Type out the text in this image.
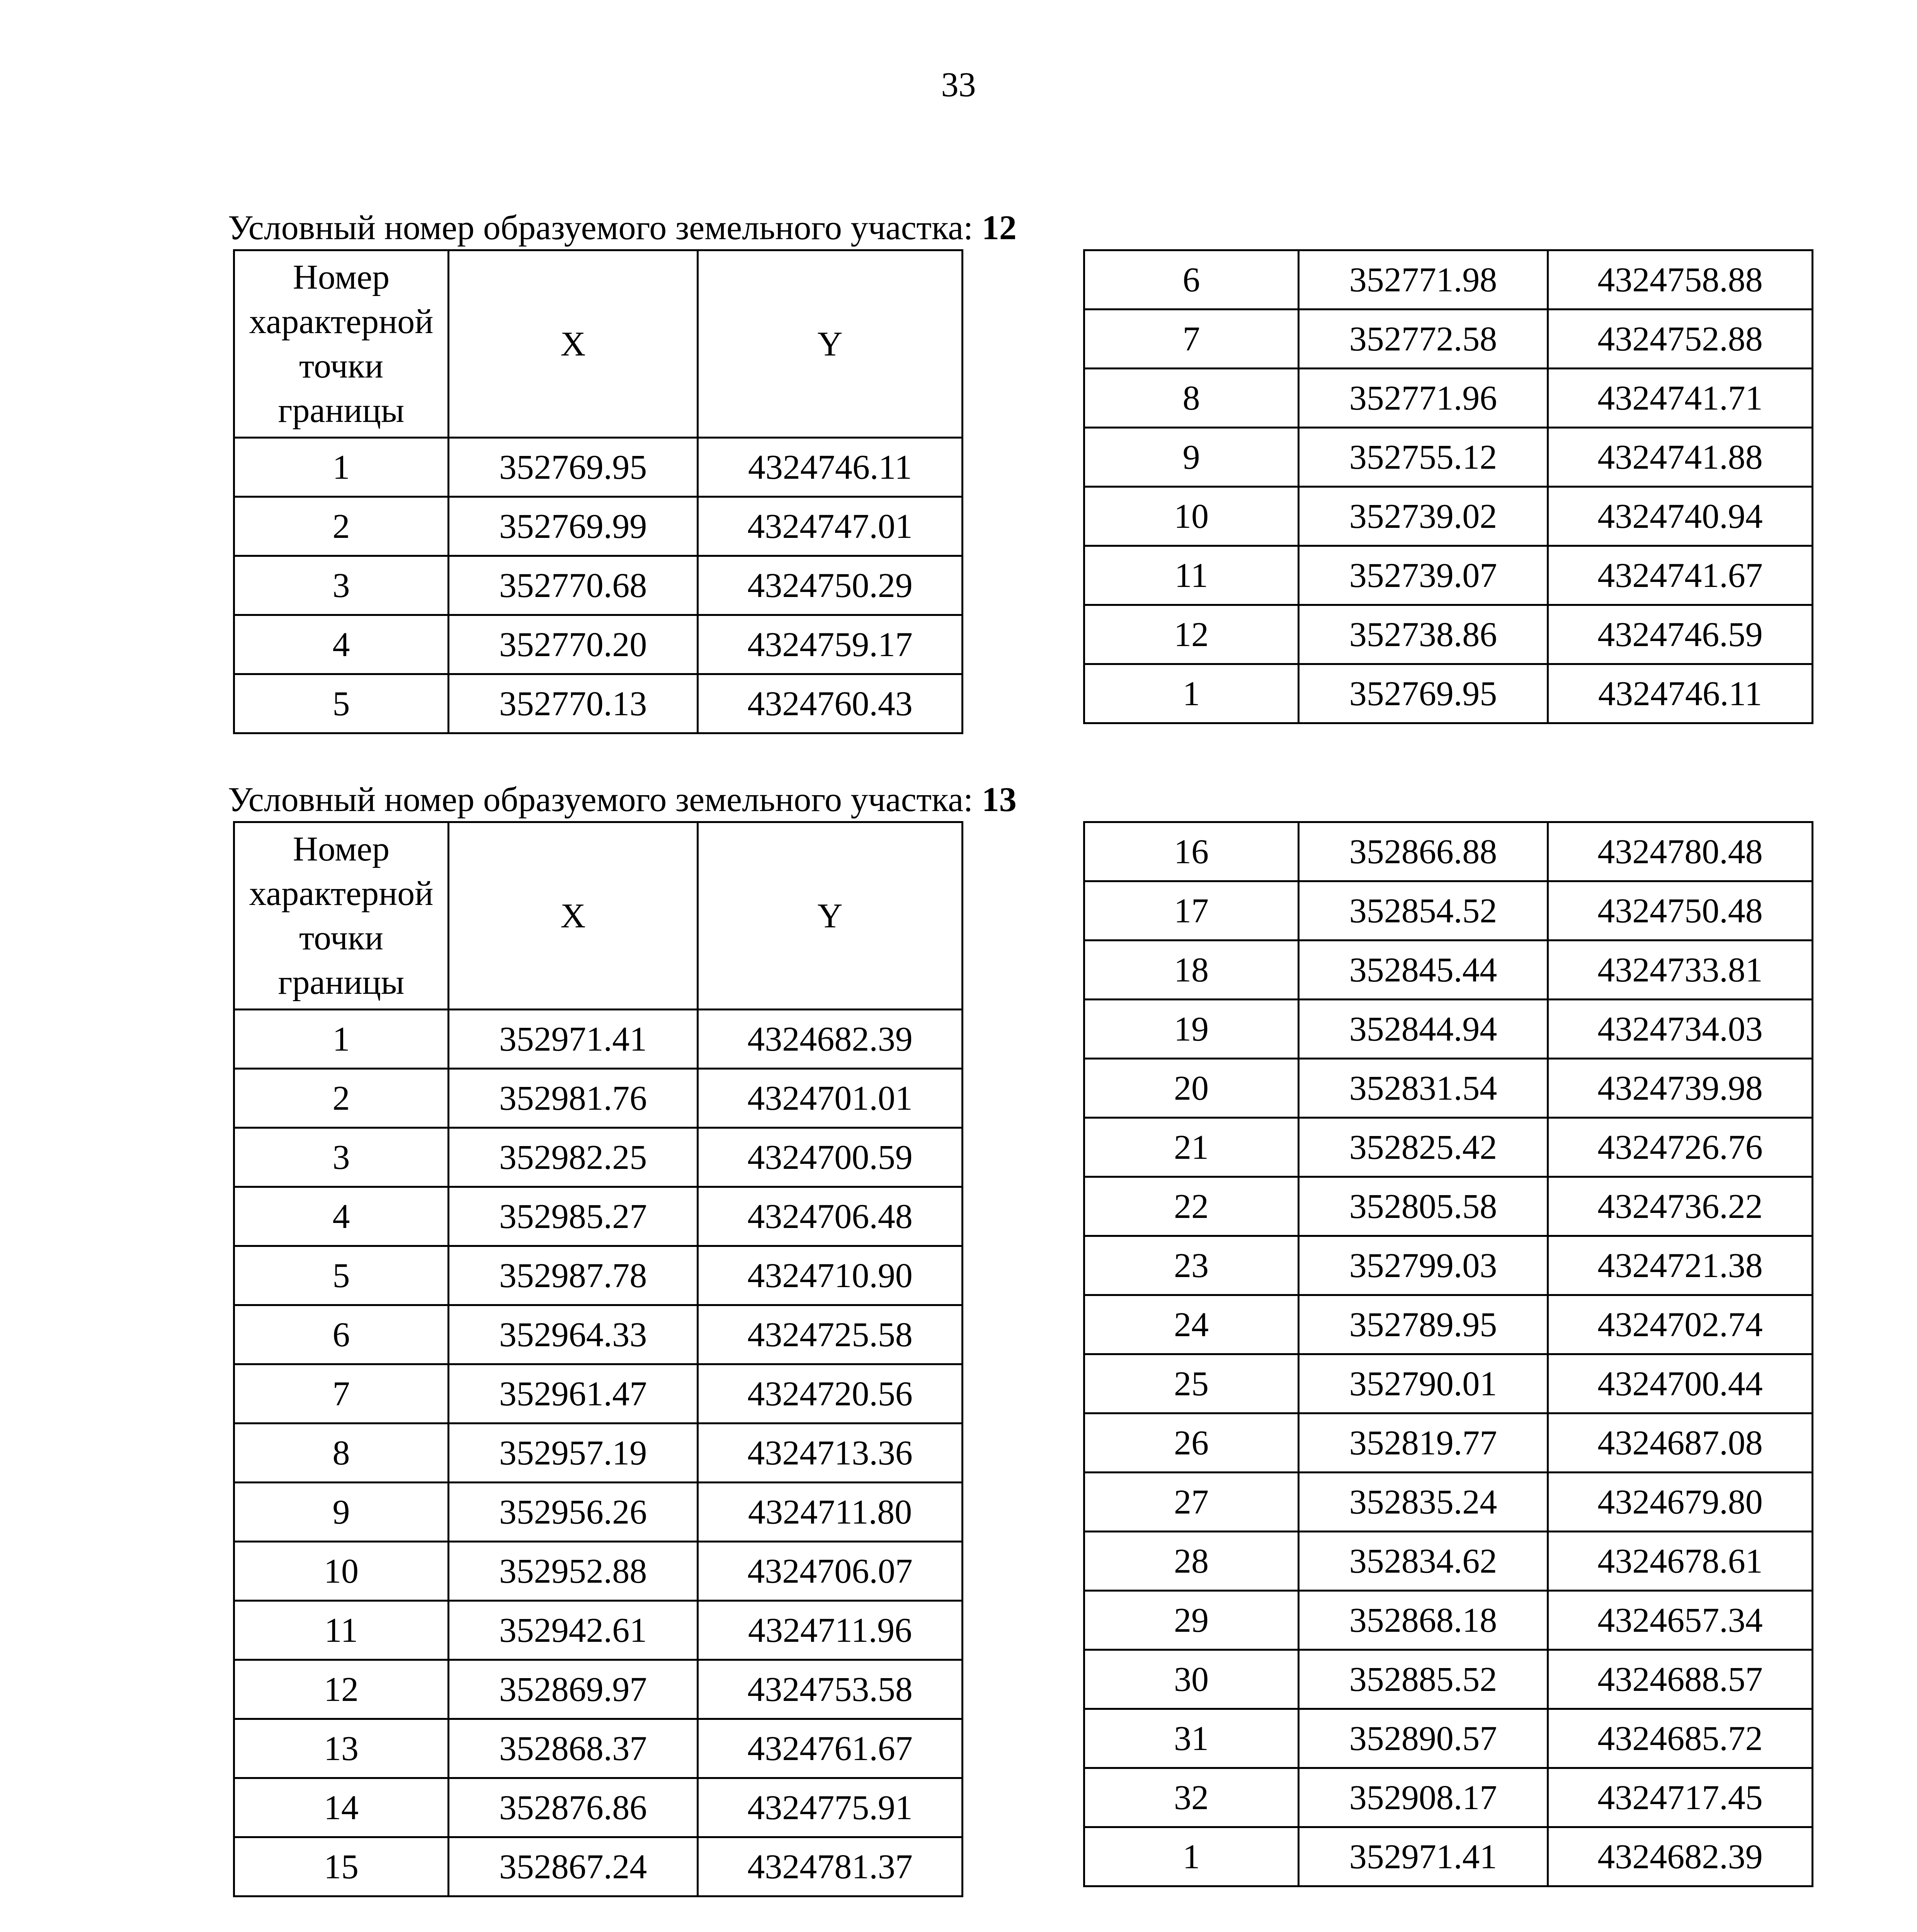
33
Условный номер образуемого земельного участка: 12
Номер
характерной
точки
границы	X	Y
1	352769.95	4324746.11
2	352769.99	4324747.01
3	352770.68	4324750.29
4	352770.20	4324759.17
5	352770.13	4324760.43
6	352771.98	4324758.88
7	352772.58	4324752.88
8	352771.96	4324741.71
9	352755.12	4324741.88
10	352739.02	4324740.94
11	352739.07	4324741.67
12	352738.86	4324746.59
1	352769.95	4324746.11
Условный номер образуемого земельного участка: 13
Номер
характерной
точки
границы	X	Y
1	352971.41	4324682.39
2	352981.76	4324701.01
3	352982.25	4324700.59
4	352985.27	4324706.48
5	352987.78	4324710.90
6	352964.33	4324725.58
7	352961.47	4324720.56
8	352957.19	4324713.36
9	352956.26	4324711.80
10	352952.88	4324706.07
11	352942.61	4324711.96
12	352869.97	4324753.58
13	352868.37	4324761.67
14	352876.86	4324775.91
15	352867.24	4324781.37
16	352866.88	4324780.48
17	352854.52	4324750.48
18	352845.44	4324733.81
19	352844.94	4324734.03
20	352831.54	4324739.98
21	352825.42	4324726.76
22	352805.58	4324736.22
23	352799.03	4324721.38
24	352789.95	4324702.74
25	352790.01	4324700.44
26	352819.77	4324687.08
27	352835.24	4324679.80
28	352834.62	4324678.61
29	352868.18	4324657.34
30	352885.52	4324688.57
31	352890.57	4324685.72
32	352908.17	4324717.45
1	352971.41	4324682.39
